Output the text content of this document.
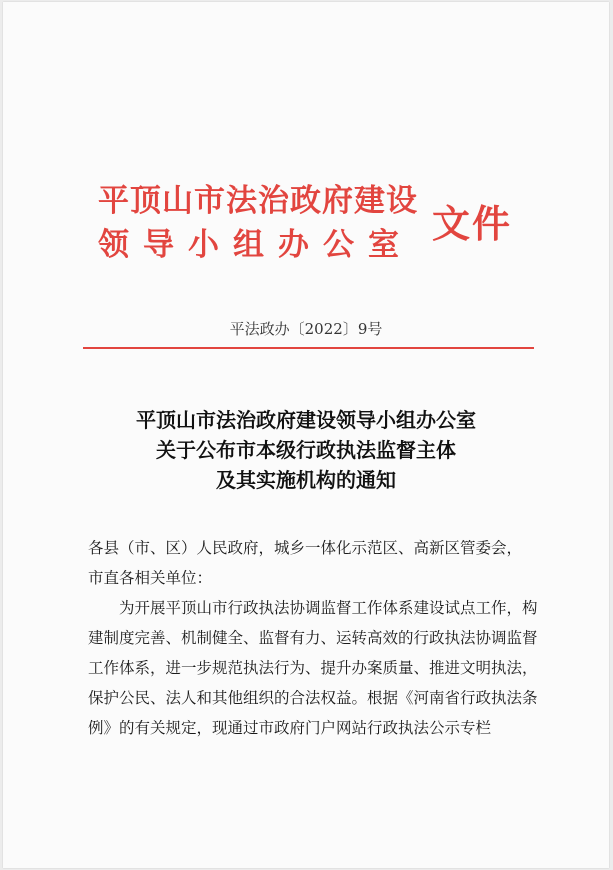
平顶山市法治政府建设
领导小组办公室 文件
平法政办〔2022〕9号
平顶山市法治政府建设领导小组办公室
关于公布市本级行政执法监督主体
及其实施机构的通知

各县（市、区）人民政府，城乡一体化示范区、高新区管委会，

市直各相关单位：

为开展平顶山市行政执法协调监督工作体系建设试点工作，构建制度完善、机制健全、监督有力、运转高效的行政执法协调监督工作体系，进一步规范执法行为、提升办案质量、推进文明执法，保护公民、法人和其他组织的合法权益。根据《河南省行政执法条例》的有关规定，现通过市政府门户网站行政执法公示专栏
